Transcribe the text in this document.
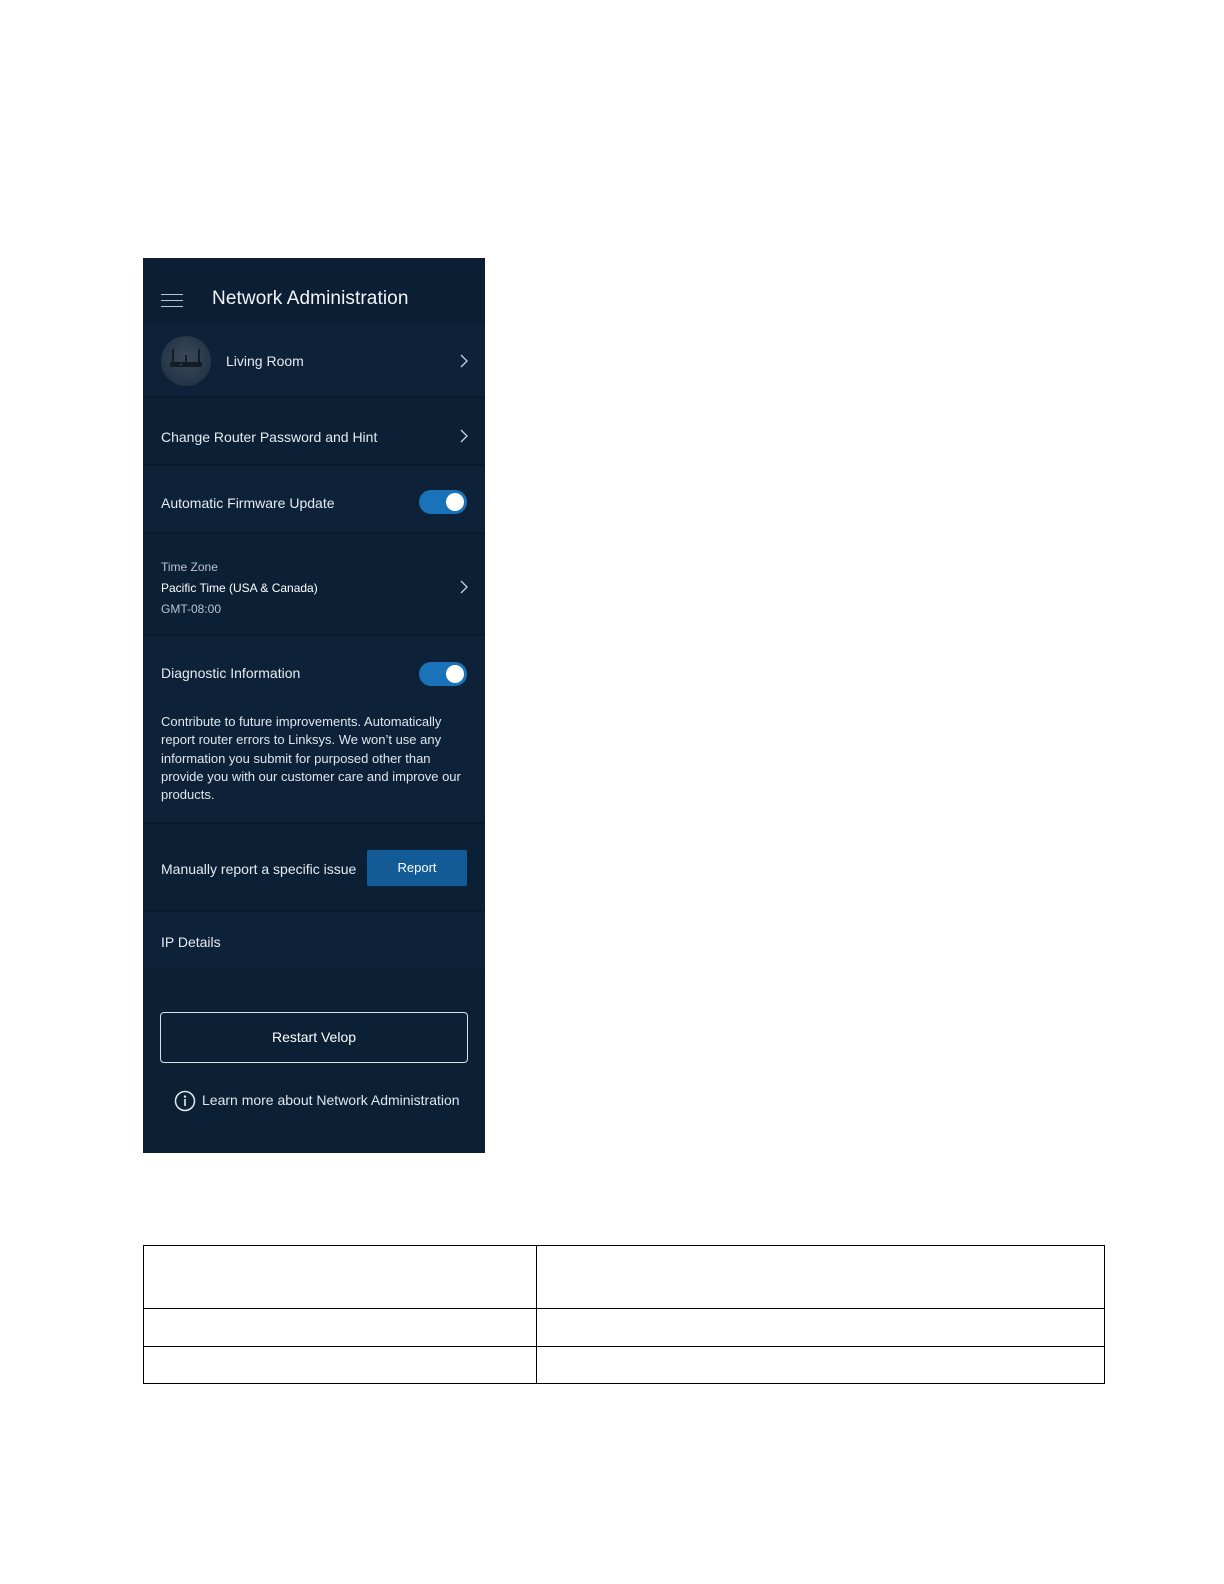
Network Administration
Living Room
Change Router Password and Hint
Automatic Firmware Update
Time Zone
Pacific Time (USA & Canada)
GMT-08:00
Diagnostic Information
Contribute to future improvements. Automatically report router errors to Linksys. We won’t use any information you submit for purposed other than provide you with our customer care and improve our products.
Manually report a specific issue	Report
IP Details
Restart Velop
Learn more about Network Administration
